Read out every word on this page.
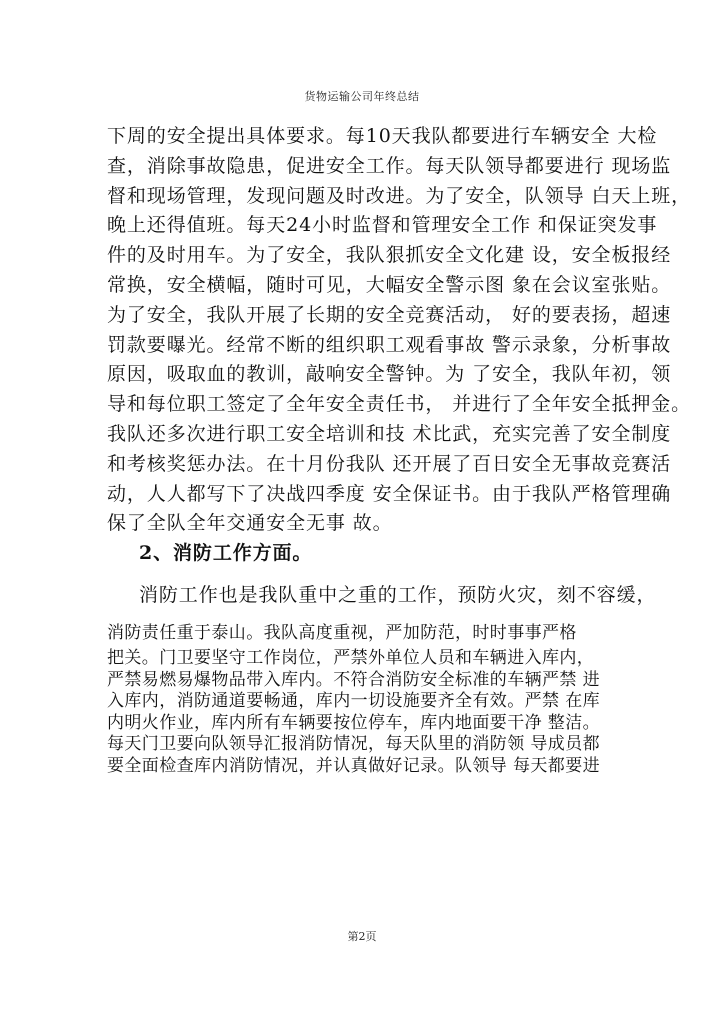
货物运输公司年终总结
下周的安全提出具体要求。每10天我队都要进行车辆安全 大检
查，消除事故隐患，促进安全工作。每天队领导都要进行 现场监
督和现场管理，发现问题及时改进。为了安全，队领导 白天上班，
晚上还得值班。每天24小时监督和管理安全工作 和保证突发事
件的及时用车。为了安全，我队狠抓安全文化建 设，安全板报经
常换，安全横幅，随时可见，大幅安全警示图 象在会议室张贴。
为了安全，我队开展了长期的安全竞赛活动， 好的要表扬，超速
罚款要曝光。经常不断的组织职工观看事故 警示录象，分析事故
原因，吸取血的教训，敲响安全警钟。为 了安全，我队年初，领
导和每位职工签定了全年安全责任书， 并进行了全年安全抵押金。
我队还多次进行职工安全培训和技 术比武，充实完善了安全制度
和考核奖惩办法。在十月份我队 还开展了百日安全无事故竞赛活
动，人人都写下了决战四季度 安全保证书。由于我队严格管理确
保了全队全年交通安全无事 故。
2、消防工作方面。
消防工作也是我队重中之重的工作，预防火灾，刻不容缓，
消防责任重于泰山。我队高度重视，严加防范，时时事事严格
把关。门卫要坚守工作岗位，严禁外单位人员和车辆进入库内，
严禁易燃易爆物品带入库内。不符合消防安全标准的车辆严禁 进
入库内，消防通道要畅通，库内一切设施要齐全有效。严禁 在库
内明火作业，库内所有车辆要按位停车，库内地面要干净 整洁。
每天门卫要向队领导汇报消防情况，每天队里的消防领 导成员都
要全面检查库内消防情况，并认真做好记录。队领导 每天都要进
第2页
